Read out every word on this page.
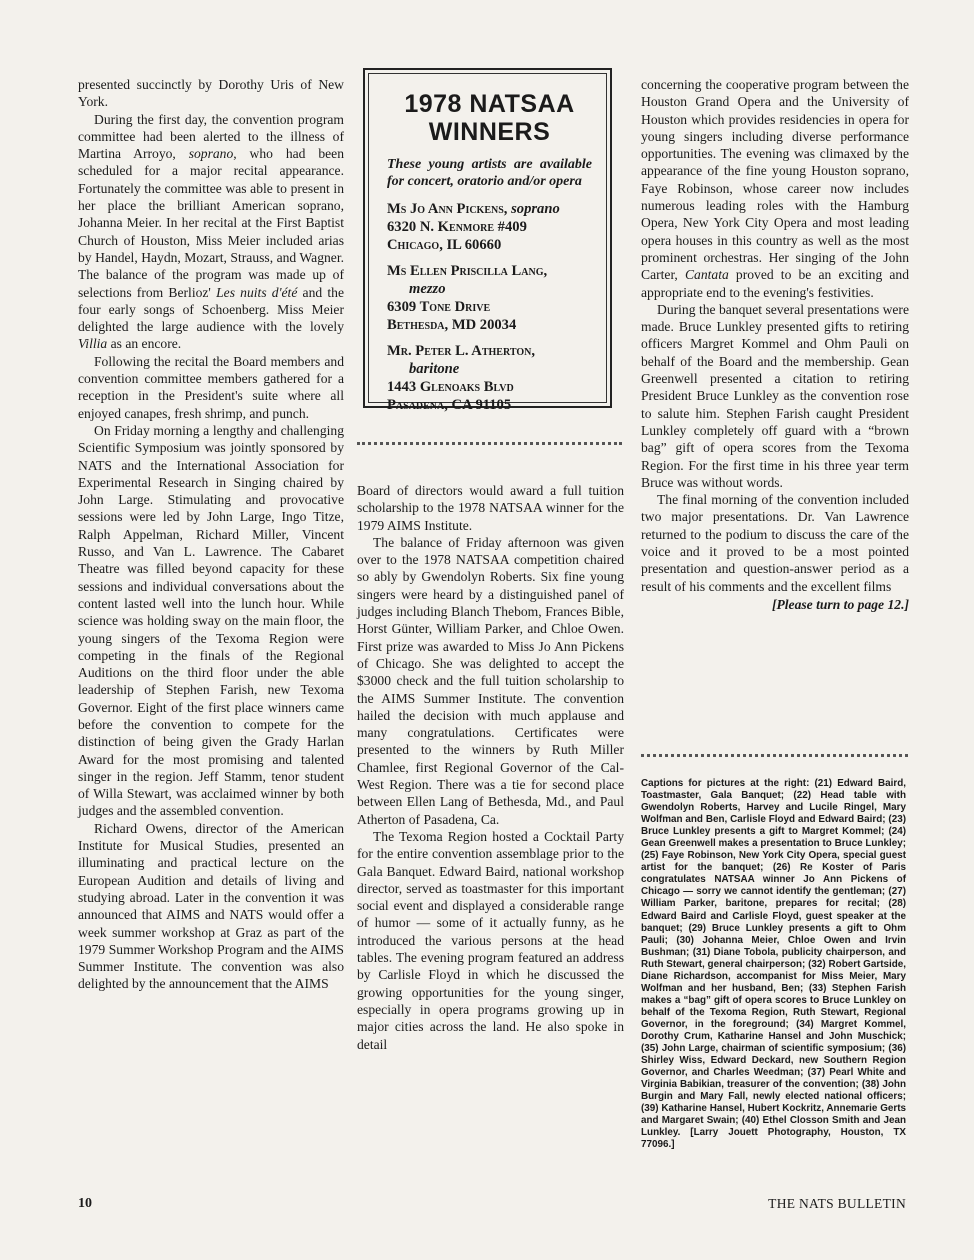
presented succinctly by Dorothy Uris of New York.

During the first day, the convention program committee had been alerted to the illness of Martina Arroyo, soprano, who had been scheduled for a major recital appearance. Fortunately the committee was able to present in her place the brilliant American soprano, Johanna Meier. In her recital at the First Baptist Church of Houston, Miss Meier included arias by Handel, Haydn, Mozart, Strauss, and Wagner. The balance of the program was made up of selections from Berlioz' Les nuits d'été and the four early songs of Schoenberg. Miss Meier delighted the large audience with the lovely Villia as an encore.

Following the recital the Board members and convention committee members gathered for a reception in the President's suite where all enjoyed canapes, fresh shrimp, and punch.

On Friday morning a lengthy and challenging Scientific Symposium was jointly sponsored by NATS and the International Association for Experimental Research in Singing chaired by John Large. Stimulating and provocative sessions were led by John Large, Ingo Titze, Ralph Appelman, Richard Miller, Vincent Russo, and Van L. Lawrence. The Cabaret Theatre was filled beyond capacity for these sessions and individual conversations about the content lasted well into the lunch hour. While science was holding sway on the main floor, the young singers of the Texoma Region were competing in the finals of the Regional Auditions on the third floor under the able leadership of Stephen Farish, new Texoma Governor. Eight of the first place winners came before the convention to compete for the distinction of being given the Grady Harlan Award for the most promising and talented singer in the region. Jeff Stamm, tenor student of Willa Stewart, was acclaimed winner by both judges and the assembled convention.

Richard Owens, director of the American Institute for Musical Studies, presented an illuminating and practical lecture on the European Audition and details of living and studying abroad. Later in the convention it was announced that AIMS and NATS would offer a week summer workshop at Graz as part of the 1979 Summer Workshop Program and the AIMS Summer Institute. The convention was also delighted by the announcement that the AIMS

1978 NATSAA
WINNERS
These young artists are available for concert, oratorio and/or opera
Ms Jo Ann Pickens, soprano
6320 N. Kenmore #409
Chicago, IL 60660
Ms Ellen Priscilla Lang,
mezzo
6309 Tone Drive
Bethesda, MD 20034
Mr. Peter L. Atherton,
baritone
1443 Glenoaks Blvd
Pasadena, CA 91105

Board of directors would award a full tuition scholarship to the 1978 NATSAA winner for the 1979 AIMS Institute.

The balance of Friday afternoon was given over to the 1978 NATSAA competition chaired so ably by Gwendolyn Roberts. Six fine young singers were heard by a distinguished panel of judges including Blanch Thebom, Frances Bible, Horst Günter, William Parker, and Chloe Owen. First prize was awarded to Miss Jo Ann Pickens of Chicago. She was delighted to accept the $3000 check and the full tuition scholarship to the AIMS Summer Institute. The convention hailed the decision with much applause and many congratulations. Certificates were presented to the winners by Ruth Miller Chamlee, first Regional Governor of the Cal-West Region. There was a tie for second place between Ellen Lang of Bethesda, Md., and Paul Atherton of Pasadena, Ca.

The Texoma Region hosted a Cocktail Party for the entire convention assemblage prior to the Gala Banquet. Edward Baird, national workshop director, served as toastmaster for this important social event and displayed a considerable range of humor — some of it actually funny, as he introduced the various persons at the head tables. The evening program featured an address by Carlisle Floyd in which he discussed the growing opportunities for the young singer, especially in opera programs growing up in major cities across the land. He also spoke in detail

concerning the cooperative program between the Houston Grand Opera and the University of Houston which provides residencies in opera for young singers including diverse performance opportunities. The evening was climaxed by the appearance of the fine young Houston soprano, Faye Robinson, whose career now includes numerous leading roles with the Hamburg Opera, New York City Opera and most leading opera houses in this country as well as the most prominent orchestras. Her singing of the John Carter, Cantata proved to be an exciting and appropriate end to the evening's festivities.

During the banquet several presentations were made. Bruce Lunkley presented gifts to retiring officers Margret Kommel and Ohm Pauli on behalf of the Board and the membership. Gean Greenwell presented a citation to retiring President Bruce Lunkley as the convention rose to salute him. Stephen Farish caught President Lunkley completely off guard with a “brown bag” gift of opera scores from the Texoma Region. For the first time in his three year term Bruce was without words.

The final morning of the convention included two major presentations. Dr. Van Lawrence returned to the podium to discuss the care of the voice and it proved to be a most pointed presentation and question-answer period as a result of his comments and the excellent films

[Please turn to page 12.]
Captions for pictures at the right: (21) Edward Baird, Toastmaster, Gala Banquet; (22) Head table with Gwendolyn Roberts, Harvey and Lucile Ringel, Mary Wolfman and Ben, Carlisle Floyd and Edward Baird; (23) Bruce Lunkley presents a gift to Margret Kommel; (24) Gean Greenwell makes a presentation to Bruce Lunkley; (25) Faye Robinson, New York City Opera, special guest artist for the banquet; (26) Re Koster of Paris congratulates NATSAA winner Jo Ann Pickens of Chicago — sorry we cannot identify the gentleman; (27) William Parker, baritone, prepares for recital; (28) Edward Baird and Carlisle Floyd, guest speaker at the banquet; (29) Bruce Lunkley presents a gift to Ohm Pauli; (30) Johanna Meier, Chloe Owen and Irvin Bushman; (31) Diane Tobola, publicity chairperson, and Ruth Stewart, general chairperson; (32) Robert Gartside, Diane Richardson, accompanist for Miss Meier, Mary Wolfman and her husband, Ben; (33) Stephen Farish makes a “bag” gift of opera scores to Bruce Lunkley on behalf of the Texoma Region, Ruth Stewart, Regional Governor, in the foreground; (34) Margret Kommel, Dorothy Crum, Katharine Hansel and John Muschick; (35) John Large, chairman of scientific symposium; (36) Shirley Wiss, Edward Deckard, new Southern Region Governor, and Charles Weedman; (37) Pearl White and Virginia Babikian, treasurer of the convention; (38) John Burgin and Mary Fall, newly elected national officers; (39) Katharine Hansel, Hubert Kockritz, Annemarie Gerts and Margaret Swain; (40) Ethel Closson Smith and Jean Lunkley. [Larry Jouett Photography, Houston, TX 77096.]
10	THE NATS BULLETIN
